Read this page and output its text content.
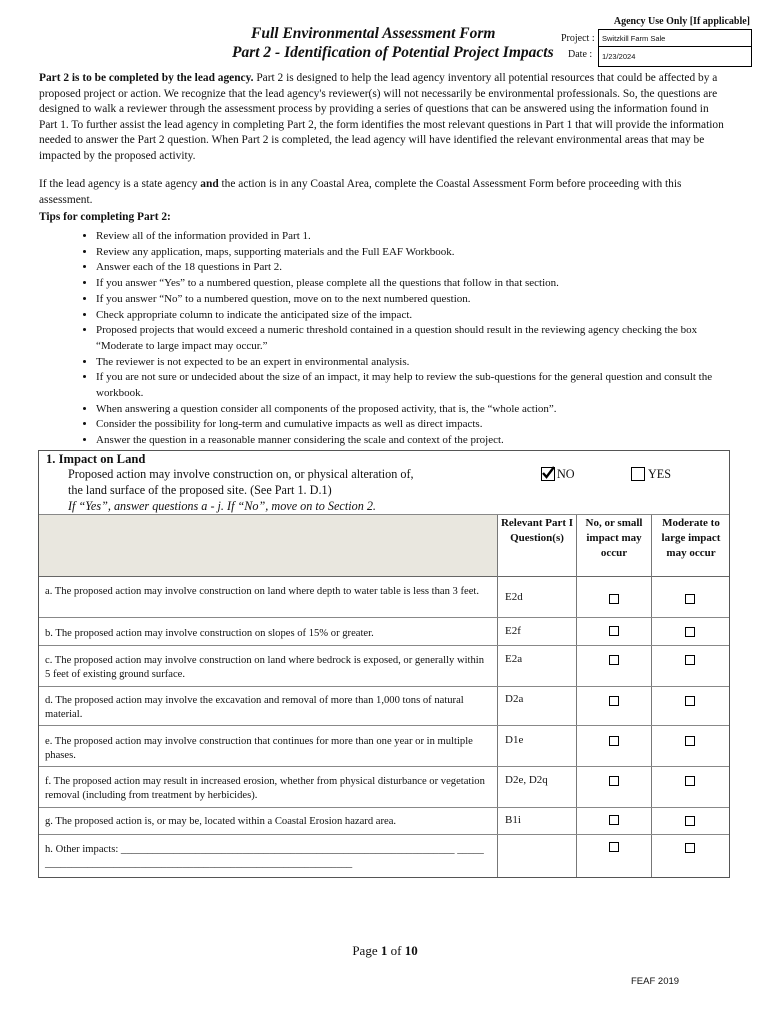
Full Environmental Assessment Form
Part 2 - Identification of Potential Project Impacts
Agency Use Only [If applicable]
Project :
Date :
Switzkill Farm Sale
1/23/2024
Part 2 is to be completed by the lead agency. Part 2 is designed to help the lead agency inventory all potential resources that could be affected by a proposed project or action. We recognize that the lead agency's reviewer(s) will not necessarily be environmental professionals. So, the questions are designed to walk a reviewer through the assessment process by providing a series of questions that can be answered using the information found in Part 1. To further assist the lead agency in completing Part 2, the form identifies the most relevant questions in Part 1 that will provide the information needed to answer the Part 2 question. When Part 2 is completed, the lead agency will have identified the relevant environmental areas that may be impacted by the proposed activity.
If the lead agency is a state agency and the action is in any Coastal Area, complete the Coastal Assessment Form before proceeding with this assessment.
Tips for completing Part 2:
• Review all of the information provided in Part 1.
• Review any application, maps, supporting materials and the Full EAF Workbook.
• Answer each of the 18 questions in Part 2.
• If you answer “Yes” to a numbered question, please complete all the questions that follow in that section.
• If you answer “No” to a numbered question, move on to the next numbered question.
• Check appropriate column to indicate the anticipated size of the impact.
• Proposed projects that would exceed a numeric threshold contained in a question should result in the reviewing agency checking the box “Moderate to large impact may occur.”
• The reviewer is not expected to be an expert in environmental analysis.
• If you are not sure or undecided about the size of an impact, it may help to review the sub-questions for the general question and consult the workbook.
• When answering a question consider all components of the proposed activity, that is, the “whole action”.
• Consider the possibility for long-term and cumulative impacts as well as direct impacts.
• Answer the question in a reasonable manner considering the scale and context of the project.
1. Impact on Land
Proposed action may involve construction on, or physical alteration of,
the land surface of the proposed site. (See Part 1. D.1)
If “Yes”, answer questions a - j. If “No”, move on to Section 2.
NO	YES
Relevant Part I Question(s)
No, or small impact may occur
Moderate to large impact may occur
a. The proposed action may involve construction on land where depth to water table is less than 3 feet.	E2d
b. The proposed action may involve construction on slopes of 15% or greater.	E2f
c. The proposed action may involve construction on land where bedrock is exposed, or generally within 5 feet of existing ground surface.
E2a
d. The proposed action may involve the excavation and removal of more than 1,000 tons of natural material.
D2a
e. The proposed action may involve construction that continues for more than one year or in multiple phases.
D1e
f. The proposed action may result in increased erosion, whether from physical disturbance or vegetation removal (including from treatment by herbicides).
D2e, D2q
g. The proposed action is, or may be, located within a Coastal Erosion hazard area.	B1i
h. Other impacts: _______________________________________________________________ _______________________________________________________________
Page 1 of 10
FEAF 2019
